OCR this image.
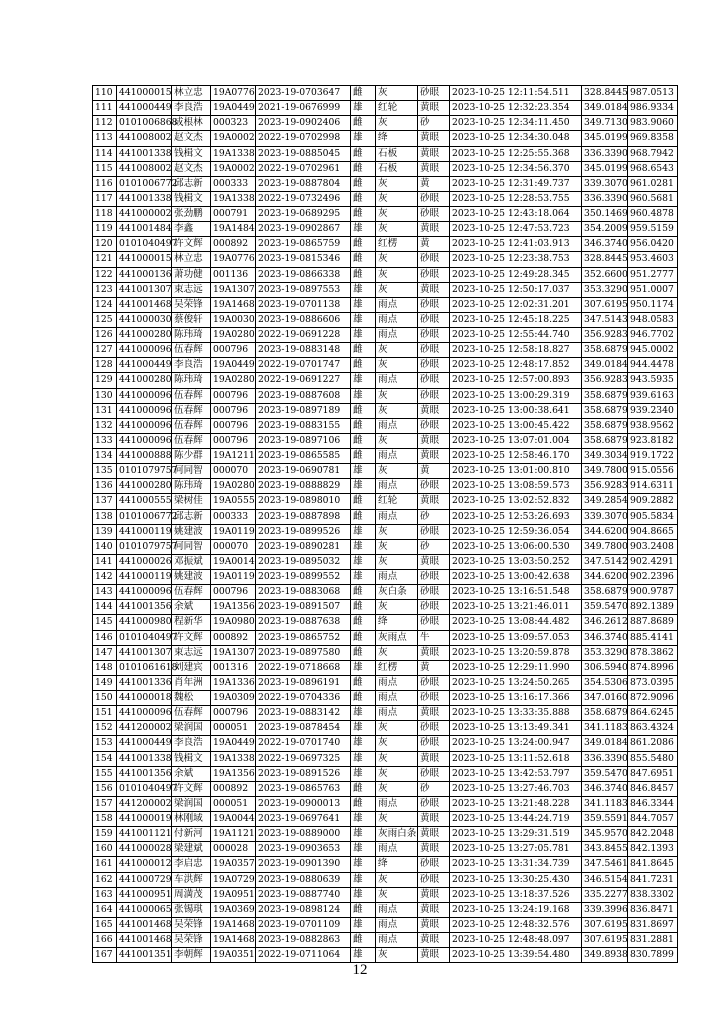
110	441000015	林立忠	19A0776	2023-19-0703647	雌	灰	砂眼	2023-10-25 12:11:54.511	328.8445	987.0513
111	441000449	李良浩	19A0449	2021-19-0676999	雄	红轮	黄眼	2023-10-25 12:32:23.354	349.0184	986.9334
112	0101006868	成根林	000323	2023-19-0902406	雌	灰	砂	2023-10-25 12:34:11.450	349.7130	983.9060
113	441008002	赵文杰	19A0002	2022-19-0702998	雄	绛	黄眼	2023-10-25 12:34:30.048	345.0199	969.8358
114	441001338	钱楫文	19A1338	2023-19-0885045	雌	石板	黄眼	2023-10-25 12:25:55.368	336.3390	968.7942
115	441008002	赵文杰	19A0002	2022-19-0702961	雌	石板	黄眼	2023-10-25 12:34:56.370	345.0199	968.6543
116	0101006772	邱志新	000333	2023-19-0887804	雌	灰	黄	2023-10-25 12:31:49.737	339.3070	961.0281
117	441001338	钱楫文	19A1338	2022-19-0732496	雌	灰	砂眼	2023-10-25 12:28:53.755	336.3390	960.5681
118	441000002	张劲鹏	000791	2023-19-0689295	雌	灰	砂眼	2023-10-25 12:43:18.064	350.1469	960.4878
119	441001484	李鑫	19A1484	2023-19-0902867	雄	灰	黄眼	2023-10-25 12:47:53.723	354.2009	959.5159
120	0101040497	许文辉	000892	2023-19-0865759	雌	红楞	黄	2023-10-25 12:41:03.913	346.3740	956.0420
121	441000015	林立忠	19A0776	2023-19-0815346	雌	灰	砂眼	2023-10-25 12:23:38.753	328.8445	953.4603
122	441000136	萧功健	001136	2023-19-0866338	雌	灰	砂眼	2023-10-25 12:49:28.345	352.6600	951.2777
123	441001307	束志远	19A1307	2023-19-0897553	雄	灰	黄眼	2023-10-25 12:50:17.037	353.3290	951.0007
124	441001468	吴荣锋	19A1468	2023-19-0701138	雄	雨点	砂眼	2023-10-25 12:02:31.201	307.6195	950.1174
125	441000030	蔡俊轩	19A0030	2023-19-0886606	雄	雨点	砂眼	2023-10-25 12:45:18.225	347.5143	948.0583
126	441000280	陈玮琦	19A0280	2022-19-0691228	雄	雨点	砂眼	2023-10-25 12:55:44.740	356.9283	946.7702
127	441000096	伍春辉	000796	2023-19-0883148	雌	灰	砂眼	2023-10-25 12:58:18.827	358.6879	945.0002
128	441000449	李良浩	19A0449	2022-19-0701747	雌	灰	砂眼	2023-10-25 12:48:17.852	349.0184	944.4478
129	441000280	陈玮琦	19A0280	2022-19-0691227	雄	雨点	砂眼	2023-10-25 12:57:00.893	356.9283	943.5935
130	441000096	伍春辉	000796	2023-19-0887608	雄	灰	砂眼	2023-10-25 13:00:29.319	358.6879	939.6163
131	441000096	伍春辉	000796	2023-19-0897189	雌	灰	黄眼	2023-10-25 13:00:38.641	358.6879	939.2340
132	441000096	伍春辉	000796	2023-19-0883155	雌	雨点	砂眼	2023-10-25 13:00:45.422	358.6879	938.9562
133	441000096	伍春辉	000796	2023-19-0897106	雌	灰	黄眼	2023-10-25 13:07:01.004	358.6879	923.8182
134	441000888	陈少群	19A1211	2023-19-0865585	雌	雨点	黄眼	2023-10-25 12:58:46.170	349.3034	919.1722
135	0101079757	何同智	000070	2023-19-0690781	雄	灰	黄	2023-10-25 13:01:00.810	349.7800	915.0556
136	441000280	陈玮琦	19A0280	2023-19-0888829	雄	雨点	砂眼	2023-10-25 13:08:59.573	356.9283	914.6311
137	441000555	梁树佳	19A0555	2023-19-0898010	雌	红轮	黄眼	2023-10-25 13:02:52.832	349.2854	909.2882
138	0101006772	邱志新	000333	2023-19-0887898	雌	雨点	砂	2023-10-25 12:53:26.693	339.3070	905.5834
139	441000119	姚建波	19A0119	2023-19-0899526	雄	灰	砂眼	2023-10-25 12:59:36.054	344.6200	904.8665
140	0101079757	何同智	000070	2023-19-0890281	雄	灰	砂	2023-10-25 13:06:00.530	349.7800	903.2408
141	441000026	邓振斌	19A0014	2023-19-0895032	雄	灰	黄眼	2023-10-25 13:03:50.252	347.5142	902.4291
142	441000119	姚建波	19A0119	2023-19-0899552	雄	雨点	砂眼	2023-10-25 13:00:42.638	344.6200	902.2396
143	441000096	伍春辉	000796	2023-19-0883068	雌	灰白条	砂眼	2023-10-25 13:16:51.548	358.6879	900.9787
144	441001356	余斌	19A1356	2023-19-0891507	雌	灰	砂眼	2023-10-25 13:21:46.011	359.5470	892.1389
145	441000980	程新华	19A0980	2023-19-0887638	雌	绛	砂眼	2023-10-25 13:08:44.482	346.2612	887.8689
146	0101040497	许文辉	000892	2023-19-0865752	雌	灰雨点	牛	2023-10-25 13:09:57.053	346.3740	885.4141
147	441001307	束志远	19A1307	2023-19-0897580	雌	灰	黄眼	2023-10-25 13:20:59.878	353.3290	878.3862
148	0101061618	刘建宾	001316	2022-19-0718668	雄	红楞	黄	2023-10-25 12:29:11.990	306.5940	874.8996
149	441001336	肖年洲	19A1336	2023-19-0896191	雌	雨点	砂眼	2023-10-25 13:24:50.265	354.5306	873.0395
150	441000018	魏松	19A0309	2022-19-0704336	雌	雨点	砂眼	2023-10-25 13:16:17.366	347.0160	872.9096
151	441000096	伍春辉	000796	2023-19-0883142	雄	雨点	黄眼	2023-10-25 13:33:35.888	358.6879	864.6245
152	441200002	梁润国	000051	2023-19-0878454	雄	灰	砂眼	2023-10-25 13:13:49.341	341.1183	863.4324
153	441000449	李良浩	19A0449	2022-19-0701740	雄	灰	砂眼	2023-10-25 13:24:00.947	349.0184	861.2086
154	441001338	钱楫文	19A1338	2022-19-0697325	雄	灰	黄眼	2023-10-25 13:11:52.618	336.3390	855.5480
155	441001356	余斌	19A1356	2023-19-0891526	雄	灰	砂眼	2023-10-25 13:42:53.797	359.5470	847.6951
156	0101040497	许文辉	000892	2023-19-0865763	雌	灰	砂	2023-10-25 13:27:46.703	346.3740	846.8457
157	441200002	梁润国	000051	2023-19-0900013	雌	雨点	砂眼	2023-10-25 13:21:48.228	341.1183	846.3344
158	441000019	林刚域	19A0044	2023-19-0697641	雄	灰	黄眼	2023-10-25 13:44:24.719	359.5591	844.7057
159	441001121	付新河	19A1121	2023-19-0889000	雄	灰雨白条	黄眼	2023-10-25 13:29:31.519	345.9570	842.2048
160	441000028	梁建斌	000028	2023-19-0903653	雄	雨点	黄眼	2023-10-25 13:27:05.781	343.8455	842.1393
161	441000012	李启忠	19A0357	2023-19-0901390	雄	绛	砂眼	2023-10-25 13:31:34.739	347.5461	841.8645
162	441000729	车洪辉	19A0729	2023-19-0880639	雄	灰	砂眼	2023-10-25 13:30:25.430	346.5154	841.7231
163	441000951	周満茂	19A0951	2023-19-0887740	雄	灰	黄眼	2023-10-25 13:18:37.526	335.2277	838.3302
164	441000065	张锡琪	19A0369	2023-19-0898124	雌	雨点	黄眼	2023-10-25 13:24:19.168	339.3996	836.8471
165	441001468	吴荣锋	19A1468	2023-19-0701109	雄	雨点	黄眼	2023-10-25 12:48:32.576	307.6195	831.8697
166	441001468	吴荣锋	19A1468	2023-19-0882863	雌	雨点	黄眼	2023-10-25 12:48:48.097	307.6195	831.2881
167	441001351	李朝辉	19A0351	2022-19-0711064	雄	灰	黄眼	2023-10-25 13:39:54.480	349.8938	830.7899
12
